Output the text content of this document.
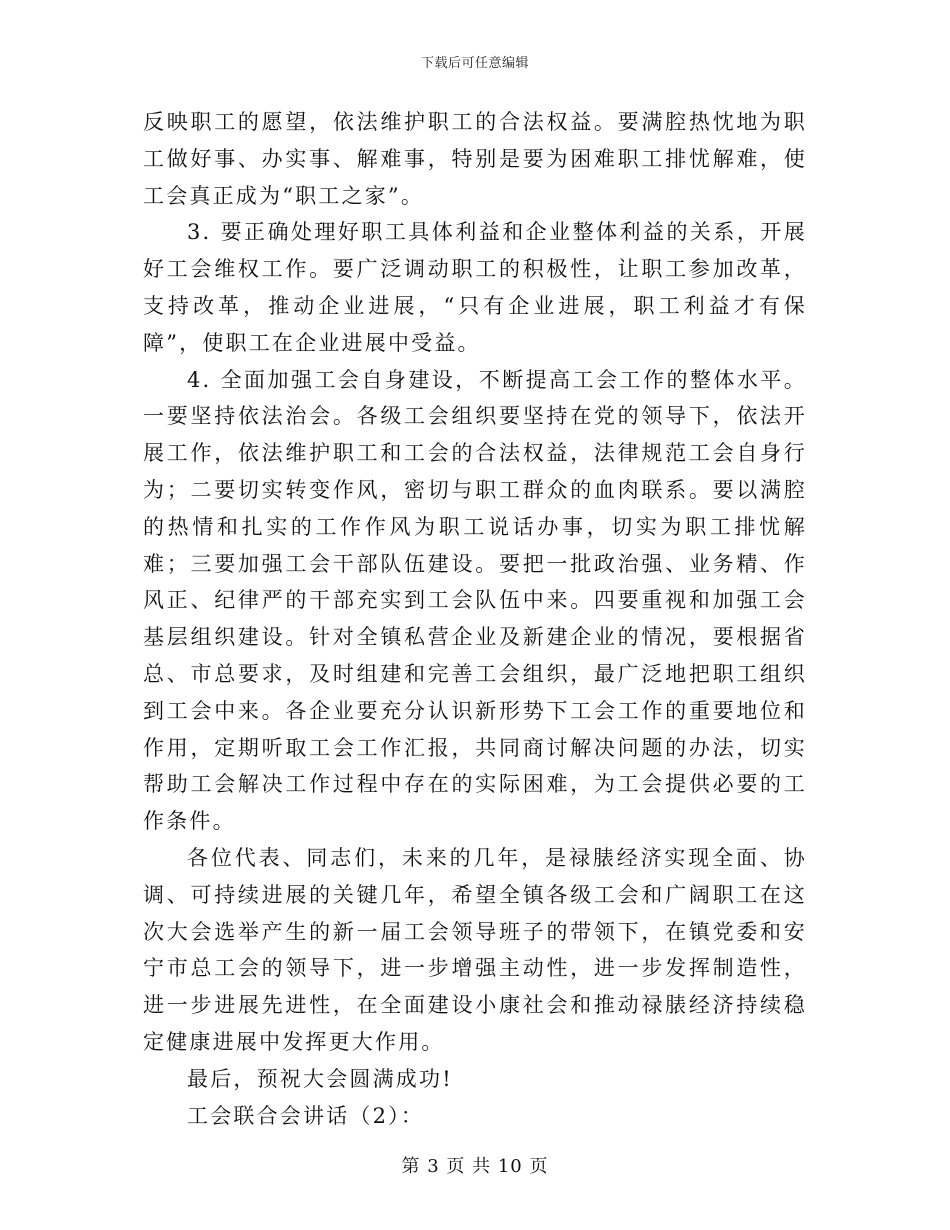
下载后可任意编辑

反映职工的愿望，依法维护职工的合法权益。要满腔热忱地为职工做好事、办实事、解难事，特别是要为困难职工排忧解难，使工会真正成为“职工之家”。

3. 要正确处理好职工具体利益和企业整体利益的关系，开展好工会维权工作。要广泛调动职工的积极性，让职工参加改革，支持改革，推动企业进展，“只有企业进展，职工利益才有保障”，使职工在企业进展中受益。

4. 全面加强工会自身建设，不断提高工会工作的整体水平。一要坚持依法治会。各级工会组织要坚持在党的领导下，依法开展工作，依法维护职工和工会的合法权益，法律规范工会自身行为；二要切实转变作风，密切与职工群众的血肉联系。要以满腔的热情和扎实的工作作风为职工说话办事，切实为职工排忧解难；三要加强工会干部队伍建设。要把一批政治强、业务精、作风正、纪律严的干部充实到工会队伍中来。四要重视和加强工会基层组织建设。针对全镇私营企业及新建企业的情况，要根据省总、市总要求，及时组建和完善工会组织，最广泛地把职工组织到工会中来。各企业要充分认识新形势下工会工作的重要地位和作用，定期听取工会工作汇报，共同商讨解决问题的办法，切实帮助工会解决工作过程中存在的实际困难，为工会提供必要的工作条件。

各位代表、同志们，未来的几年，是禄脿经济实现全面、协调、可持续进展的关键几年，希望全镇各级工会和广阔职工在这次大会选举产生的新一届工会领导班子的带领下，在镇党委和安宁市总工会的领导下，进一步增强主动性，进一步发挥制造性，进一步进展先进性，在全面建设小康社会和推动禄脿经济持续稳定健康进展中发挥更大作用。

最后，预祝大会圆满成功!

工会联合会讲话（2）：

第 3 页 共 10 页
